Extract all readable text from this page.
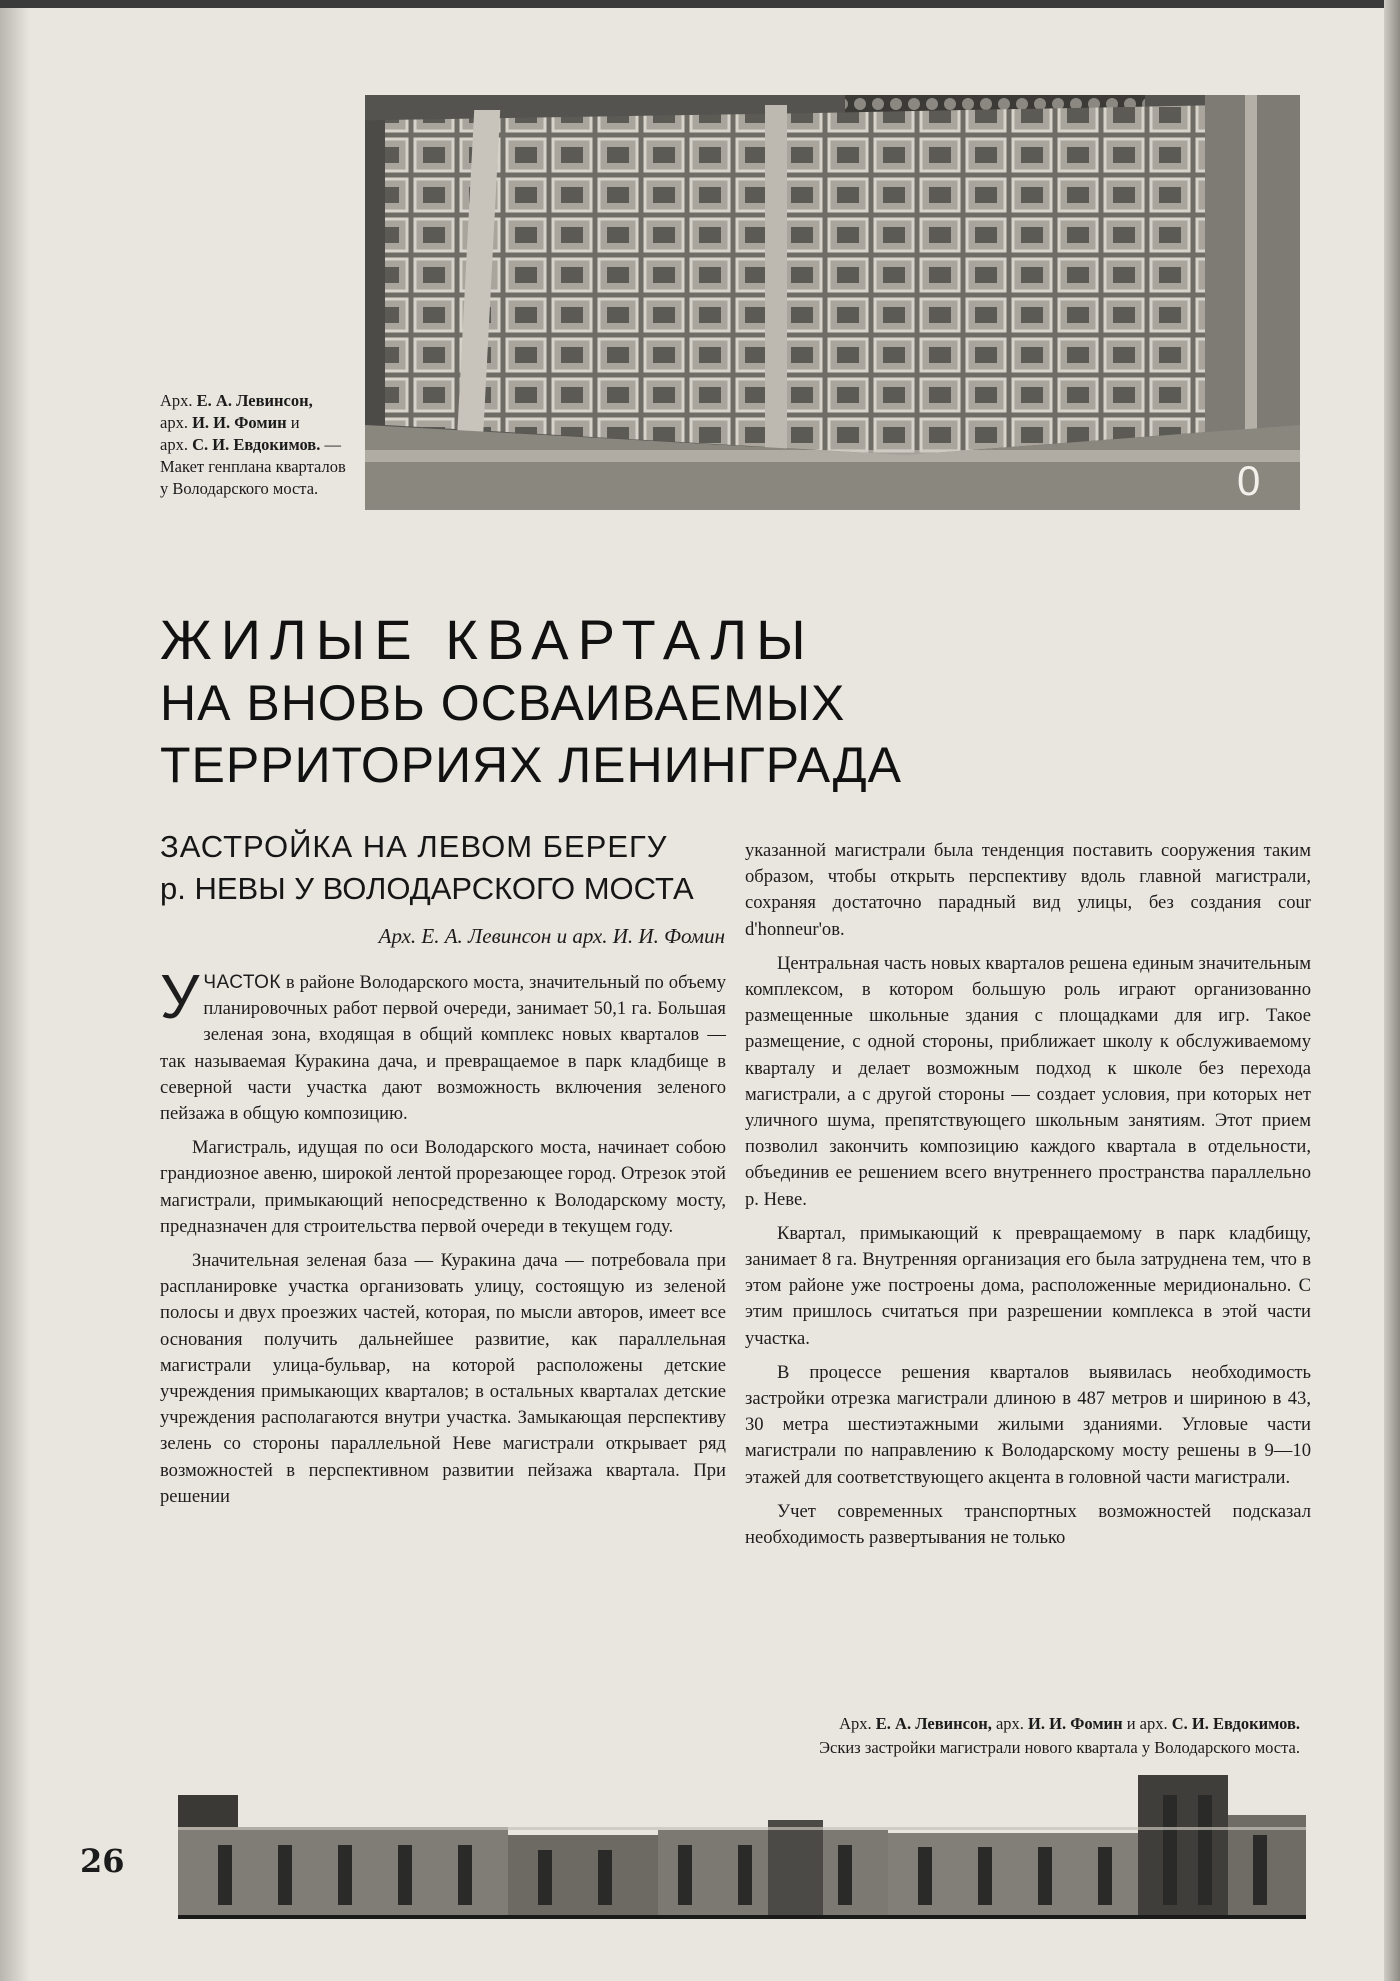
0
Арх. Е. А. Левинсон,
арх. И. И. Фомин и
арх. С. И. Евдокимов. —
Макет генплана кварталов
у Володарского моста.
ЖИЛЫЕ КВАРТАЛЫ
НА ВНОВЬ ОСВАИВАЕМЫХ
ТЕРРИТОРИЯХ ЛЕНИНГРАДА
ЗАСТРОЙКА НА ЛЕВОМ БЕРЕГУ
р. НЕВЫ У ВОЛОДАРСКОГО МОСТА
Арх. Е. А. Левинсон и арх. И. И. Фомин

УЧАСТОК в районе Володарского моста, значительный по объему планировочных работ первой очереди, занимает 50,1 га. Большая зеленая зона, входящая в общий комплекс новых кварталов — так называемая Куракина дача, и превращаемое в парк кладбище в северной части участка дают возможность включения зеленого пейзажа в общую композицию.

Магистраль, идущая по оси Володарского моста, начинает собою грандиозное авеню, широкой лентой прорезающее город. Отрезок этой магистрали, примыкающий непосредственно к Володарскому мосту, предназначен для строительства первой очереди в текущем году.

Значительная зеленая база — Куракина дача — потребовала при распланировке участка организовать улицу, состоящую из зеленой полосы и двух проезжих частей, которая, по мысли авторов, имеет все основания получить дальнейшее развитие, как параллельная магистрали улица-бульвар, на которой расположены детские учреждения примыкающих кварталов; в остальных кварталах детские учреждения располагаются внутри участка. Замыкающая перспективу зелень со стороны параллельной Неве магистрали открывает ряд возможностей в перспективном развитии пейзажа квартала. При решении

указанной магистрали была тенденция поставить сооружения таким образом, чтобы открыть перспективу вдоль главной магистрали, сохраняя достаточно парадный вид улицы, без создания cour d'honneur'ов.

Центральная часть новых кварталов решена единым значительным комплексом, в котором большую роль играют организованно размещенные школьные здания с площадками для игр. Такое размещение, с одной стороны, приближает школу к обслуживаемому кварталу и делает возможным подход к школе без перехода магистрали, а с другой стороны — создает условия, при которых нет уличного шума, препятствующего школьным занятиям. Этот прием позволил закончить композицию каждого квартала в отдельности, объединив ее решением всего внутреннего пространства параллельно р. Неве.

Квартал, примыкающий к превращаемому в парк кладбищу, занимает 8 га. Внутренняя организация его была затруднена тем, что в этом районе уже построены дома, расположенные меридионально. С этим пришлось считаться при разрешении комплекса в этой части участка.

В процессе решения кварталов выявилась необходимость застройки отрезка магистрали длиною в 487 метров и шириною в 43, 30 метра шестиэтажными жилыми зданиями. Угловые части магистрали по направлению к Володарскому мосту решены в 9—10 этажей для соответствующего акцента в головной части магистрали.

Учет современных транспортных возможностей подсказал необходимость развертывания не только

Арх. Е. А. Левинсон, арх. И. И. Фомин и арх. С. И. Евдокимов.
Эскиз застройки магистрали нового квартала у Володарского моста.
26
